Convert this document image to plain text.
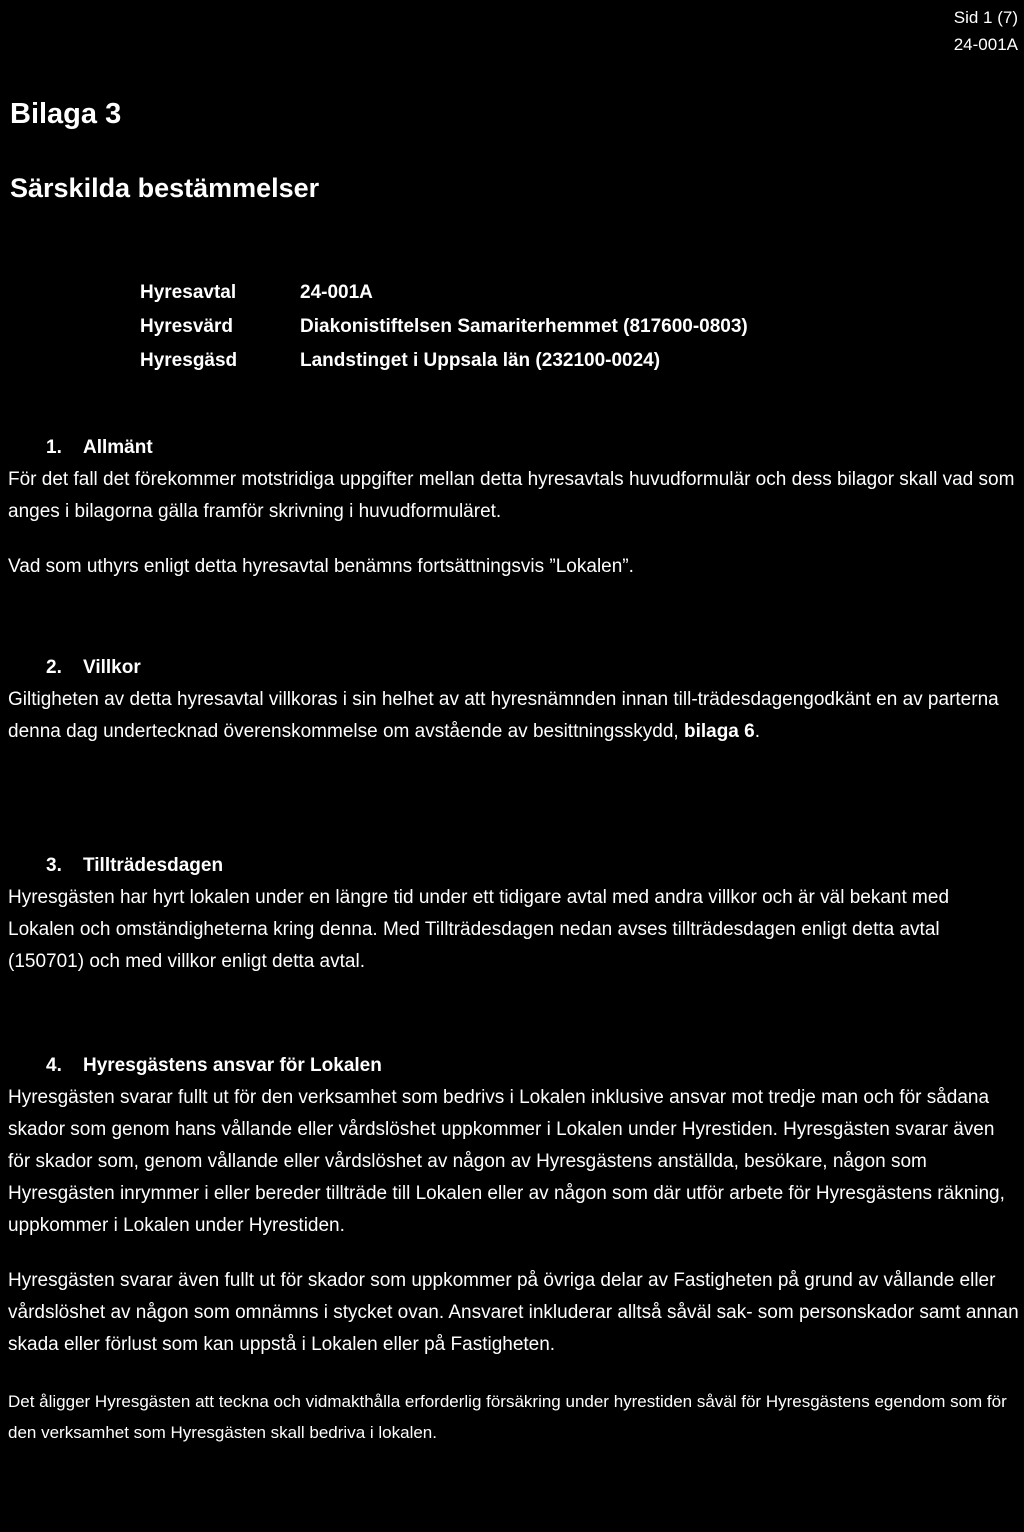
Sid 1 (7)
24-001A
Bilaga 3
Särskilda bestämmelser
Hyresavtal	24-001A
Hyresvärd	Diakonistiftelsen Samariterhemmet (817600-0803)
Hyresgäsd	Landstinget i Uppsala län (232100-0024)
1. Allmänt

För det fall det förekommer motstridiga uppgifter mellan detta hyresavtals huvudformulär och dess bilagor skall vad som anges i bilagorna gälla framför skrivning i huvudformuläret.

Vad som uthyrs enligt detta hyresavtal benämns fortsättningsvis ”Lokalen”.

2. Villkor

Giltigheten av detta hyresavtal villkoras i sin helhet av att hyresnämnden innan till-trädesdagengodkänt en av parterna denna dag undertecknad överenskommelse om avstående av besittningsskydd, bilaga 6.

3. Tillträdesdagen

Hyresgästen har hyrt lokalen under en längre tid under ett tidigare avtal med andra villkor och är väl bekant med Lokalen och omständigheterna kring denna. Med Tillträdesdagen nedan avses tillträdesdagen enligt detta avtal (150701) och med villkor enligt detta avtal.

4. Hyresgästens ansvar för Lokalen

Hyresgästen svarar fullt ut för den verksamhet som bedrivs i Lokalen inklusive ansvar mot tredje man och för sådana skador som genom hans vållande eller vårdslöshet uppkommer i Lokalen under Hyrestiden. Hyresgästen svarar även för skador som, genom vållande eller vårdslöshet av någon av Hyresgästens anställda, besökare, någon som Hyresgästen inrymmer i eller bereder tillträde till Lokalen eller av någon som där utför arbete för Hyresgästens räkning, uppkommer i Lokalen under Hyrestiden.

Hyresgästen svarar även fullt ut för skador som uppkommer på övriga delar av Fastigheten på grund av vållande eller vårdslöshet av någon som omnämns i stycket ovan. Ansvaret inkluderar alltså såväl sak- som personskador samt annan skada eller förlust som kan uppstå i Lokalen eller på Fastigheten.

Det åligger Hyresgästen att teckna och vidmakthålla erforderlig försäkring under hyrestiden såväl för Hyresgästens egendom som för den verksamhet som Hyresgästen skall bedriva i lokalen.
